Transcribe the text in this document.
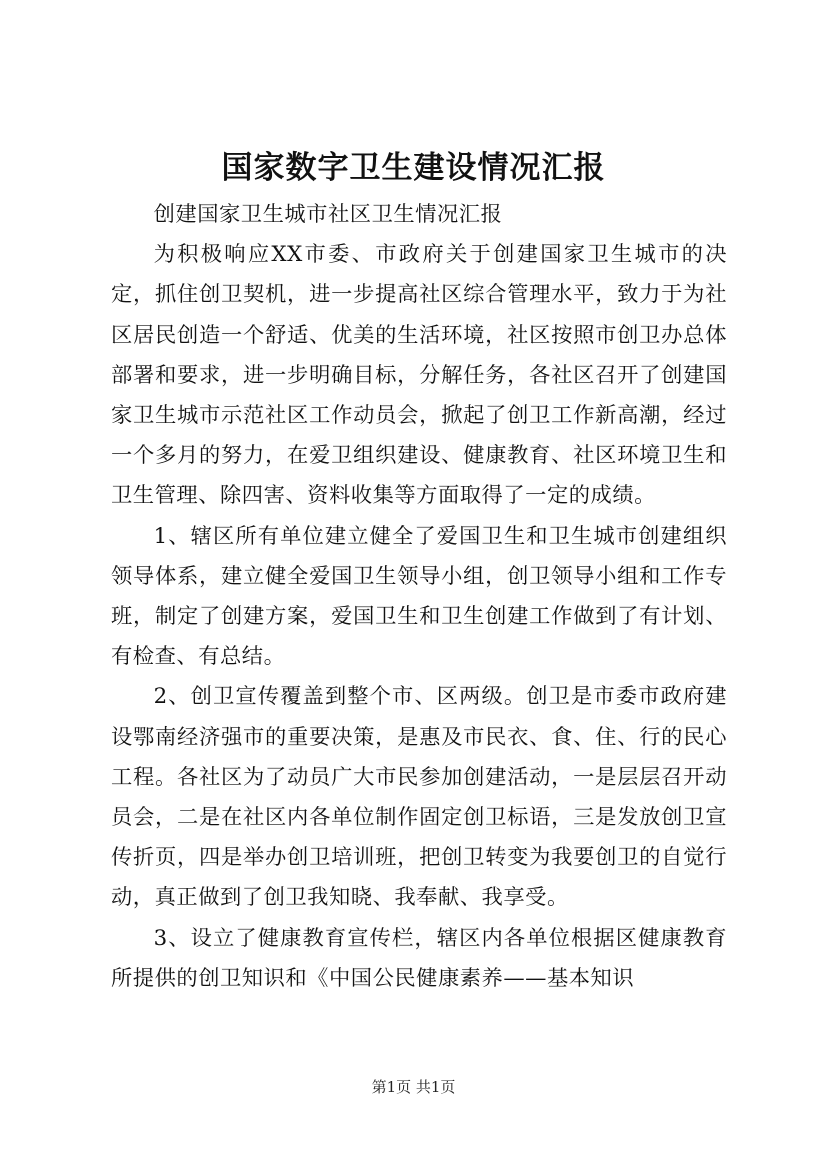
国家数字卫生建设情况汇报

创建国家卫生城市社区卫生情况汇报

为积极响应XX市委、市政府关于创建国家卫生城市的决定，抓住创卫契机，进一步提高社区综合管理水平，致力于为社区居民创造一个舒适、优美的生活环境，社区按照市创卫办总体部署和要求，进一步明确目标，分解任务，各社区召开了创建国家卫生城市示范社区工作动员会，掀起了创卫工作新高潮，经过一个多月的努力，在爱卫组织建设、健康教育、社区环境卫生和卫生管理、除四害、资料收集等方面取得了一定的成绩。

1、辖区所有单位建立健全了爱国卫生和卫生城市创建组织领导体系，建立健全爱国卫生领导小组，创卫领导小组和工作专班，制定了创建方案，爱国卫生和卫生创建工作做到了有计划、有检查、有总结。

2、创卫宣传覆盖到整个市、区两级。创卫是市委市政府建设鄂南经济强市的重要决策，是惠及市民衣、食、住、行的民心工程。各社区为了动员广大市民参加创建活动，一是层层召开动员会，二是在社区内各单位制作固定创卫标语，三是发放创卫宣传折页，四是举办创卫培训班，把创卫转变为我要创卫的自觉行动，真正做到了创卫我知晓、我奉献、我享受。

3、设立了健康教育宣传栏，辖区内各单位根据区健康教育所提供的创卫知识和《中国公民健康素养——基本知识

第1页 共1页
